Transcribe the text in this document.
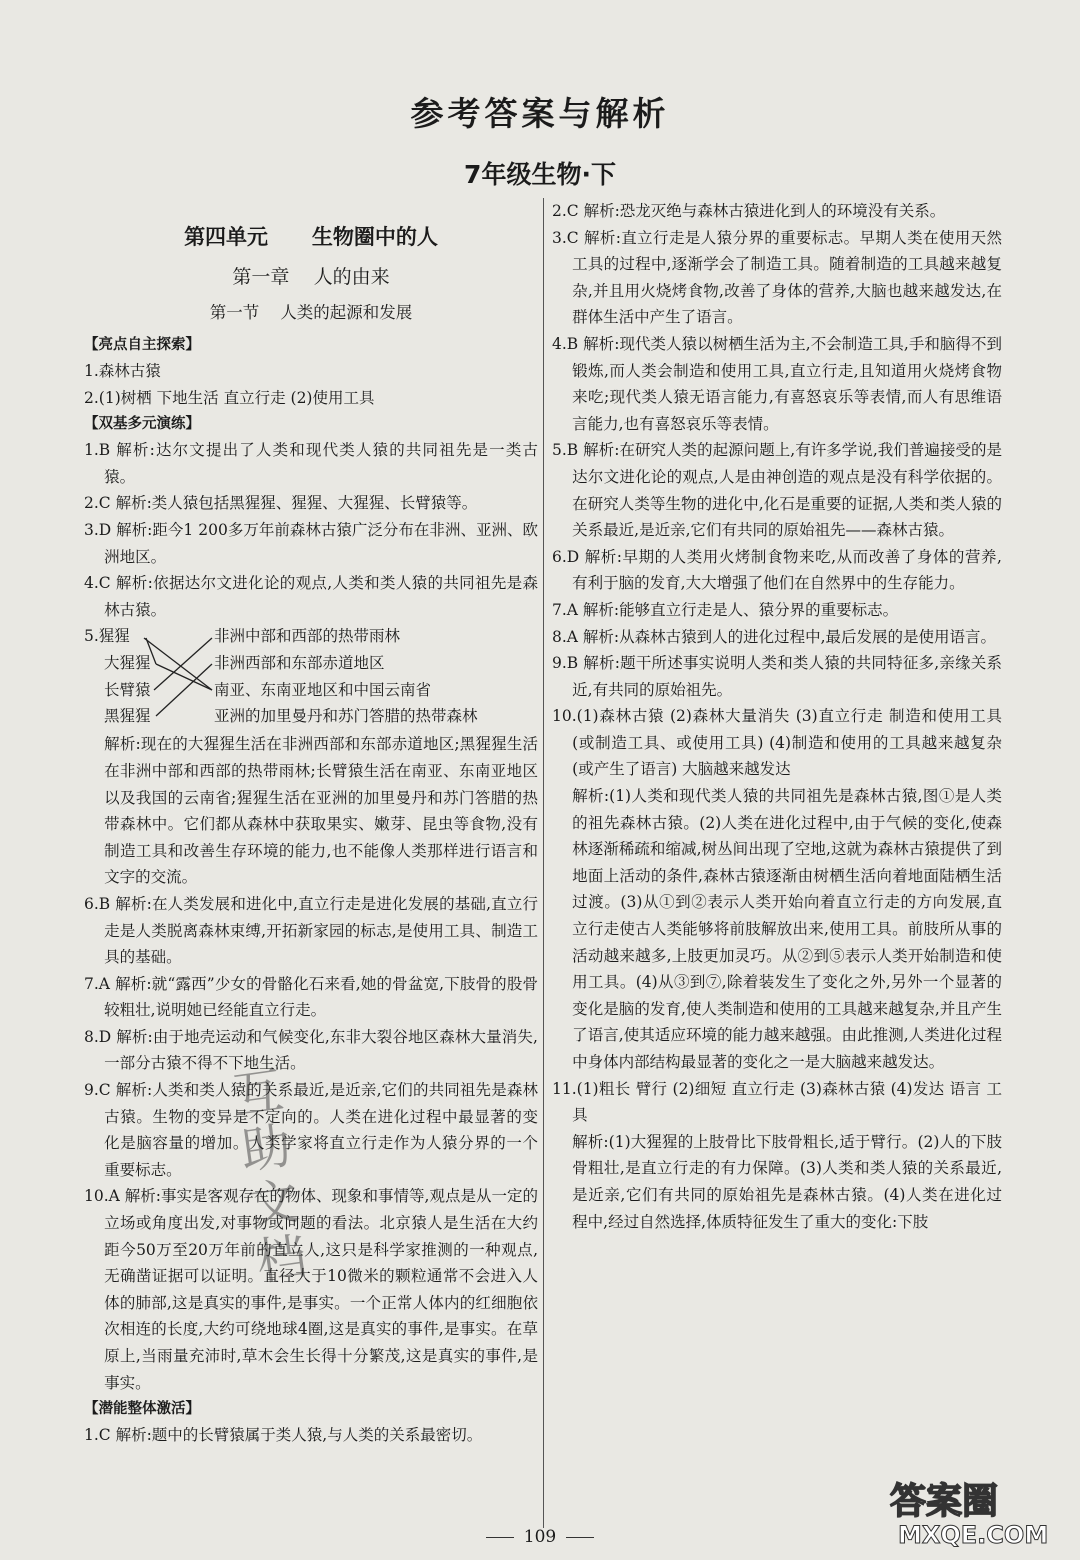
参考答案与解析
7年级生物·下
第四单元      生物圈中的人
第一章    人的由来
第一节    人类的起源和发展
【亮点自主探索】
1.森林古猿
2.(1)树栖 下地生活 直立行走 (2)使用工具
【双基多元演练】
1.B 解析:达尔文提出了人类和现代类人猿的共同祖先是一类古猿。
2.C 解析:类人猿包括黑猩猩、猩猩、大猩猩、长臂猿等。
3.D 解析:距今1 200多万年前森林古猿广泛分布在非洲、亚洲、欧洲地区。
4.C 解析:依据达尔文进化论的观点,人类和类人猿的共同祖先是森林古猿。
5.猩猩
大猩猩
长臂猿
黑猩猩
非洲中部和西部的热带雨林
非洲西部和东部赤道地区
南亚、东南亚地区和中国云南省
亚洲的加里曼丹和苏门答腊的热带森林
解析:现在的大猩猩生活在非洲西部和东部赤道地区;黑猩猩生活在非洲中部和西部的热带雨林;长臂猿生活在南亚、东南亚地区以及我国的云南省;猩猩生活在亚洲的加里曼丹和苏门答腊的热带森林中。它们都从森林中获取果实、嫩芽、昆虫等食物,没有制造工具和改善生存环境的能力,也不能像人类那样进行语言和文字的交流。
6.B 解析:在人类发展和进化中,直立行走是进化发展的基础,直立行走是人类脱离森林束缚,开拓新家园的标志,是使用工具、制造工具的基础。
7.A 解析:就“露西”少女的骨骼化石来看,她的骨盆宽,下肢骨的股骨较粗壮,说明她已经能直立行走。
8.D 解析:由于地壳运动和气候变化,东非大裂谷地区森林大量消失,一部分古猿不得不下地生活。
9.C 解析:人类和类人猿的关系最近,是近亲,它们的共同祖先是森林古猿。生物的变异是不定向的。人类在进化过程中最显著的变化是脑容量的增加。人类学家将直立行走作为人猿分界的一个重要标志。
10.A 解析:事实是客观存在的物体、现象和事情等,观点是从一定的立场或角度出发,对事物或问题的看法。北京猿人是生活在大约距今50万至20万年前的直立人,这只是科学家推测的一种观点,无确凿证据可以证明。直径大于10微米的颗粒通常不会进入人体的肺部,这是真实的事件,是事实。一个正常人体内的红细胞依次相连的长度,大约可绕地球4圈,这是真实的事件,是事实。在草原上,当雨量充沛时,草木会生长得十分繁茂,这是真实的事件,是事实。
【潜能整体激活】
1.C 解析:题中的长臂猿属于类人猿,与人类的关系最密切。
2.C 解析:恐龙灭绝与森林古猿进化到人的环境没有关系。
3.C 解析:直立行走是人猿分界的重要标志。早期人类在使用天然工具的过程中,逐渐学会了制造工具。随着制造的工具越来越复杂,并且用火烧烤食物,改善了身体的营养,大脑也越来越发达,在群体生活中产生了语言。
4.B 解析:现代类人猿以树栖生活为主,不会制造工具,手和脑得不到锻炼,而人类会制造和使用工具,直立行走,且知道用火烧烤食物来吃;现代类人猿无语言能力,有喜怒哀乐等表情,而人有思维语言能力,也有喜怒哀乐等表情。
5.B 解析:在研究人类的起源问题上,有许多学说,我们普遍接受的是达尔文进化论的观点,人是由神创造的观点是没有科学依据的。在研究人类等生物的进化中,化石是重要的证据,人类和类人猿的关系最近,是近亲,它们有共同的原始祖先——森林古猿。
6.D 解析:早期的人类用火烤制食物来吃,从而改善了身体的营养,有利于脑的发育,大大增强了他们在自然界中的生存能力。
7.A 解析:能够直立行走是人、猿分界的重要标志。
8.A 解析:从森林古猿到人的进化过程中,最后发展的是使用语言。
9.B 解析:题干所述事实说明人类和类人猿的共同特征多,亲缘关系近,有共同的原始祖先。
10.(1)森林古猿 (2)森林大量消失 (3)直立行走 制造和使用工具(或制造工具、或使用工具) (4)制造和使用的工具越来越复杂(或产生了语言) 大脑越来越发达
解析:(1)人类和现代类人猿的共同祖先是森林古猿,图①是人类的祖先森林古猿。(2)人类在进化过程中,由于气候的变化,使森林逐渐稀疏和缩减,树丛间出现了空地,这就为森林古猿提供了到地面上活动的条件,森林古猿逐渐由树栖生活向着地面陆栖生活过渡。(3)从①到②表示人类开始向着直立行走的方向发展,直立行走使古人类能够将前肢解放出来,使用工具。前肢所从事的活动越来越多,上肢更加灵巧。从②到⑤表示人类开始制造和使用工具。(4)从③到⑦,除着装发生了变化之外,另外一个显著的变化是脑的发育,使人类制造和使用的工具越来越复杂,并且产生了语言,使其适应环境的能力越来越强。由此推测,人类进化过程中身体内部结构最显著的变化之一是大脑越来越发达。
11.(1)粗长 臂行 (2)细短 直立行走 (3)森林古猿 (4)发达 语言 工具
解析:(1)大猩猩的上肢骨比下肢骨粗长,适于臂行。(2)人的下肢骨粗壮,是直立行走的有力保障。(3)人类和类人猿的关系最近,是近亲,它们有共同的原始祖先是森林古猿。(4)人类在进化过程中,经过自然选择,体质特征发生了重大的变化:下肢
互
助
文
档
答案圈
MXQE.COM
109
